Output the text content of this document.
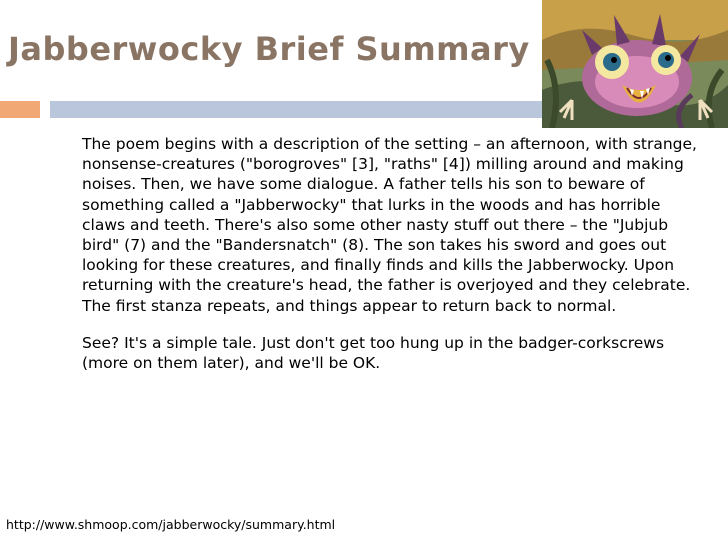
Jabberwocky Brief Summary

The poem begins with a description of the setting – an afternoon, with strange, nonsense-creatures ("borogroves" [3], "raths" [4]) milling around and making noises. Then, we have some dialogue. A father tells his son to beware of something called a "Jabberwocky" that lurks in the woods and has horrible claws and teeth. There's also some other nasty stuff out there – the "Jubjub bird" (7) and the "Bandersnatch" (8). The son takes his sword and goes out looking for these creatures, and finally finds and kills the Jabberwocky. Upon returning with the creature's head, the father is overjoyed and they celebrate. The first stanza repeats, and things appear to return back to normal.

See? It's a simple tale. Just don't get too hung up in the badger-corkscrews (more on them later), and we'll be OK.

http://www.shmoop.com/jabberwocky/summary.html
